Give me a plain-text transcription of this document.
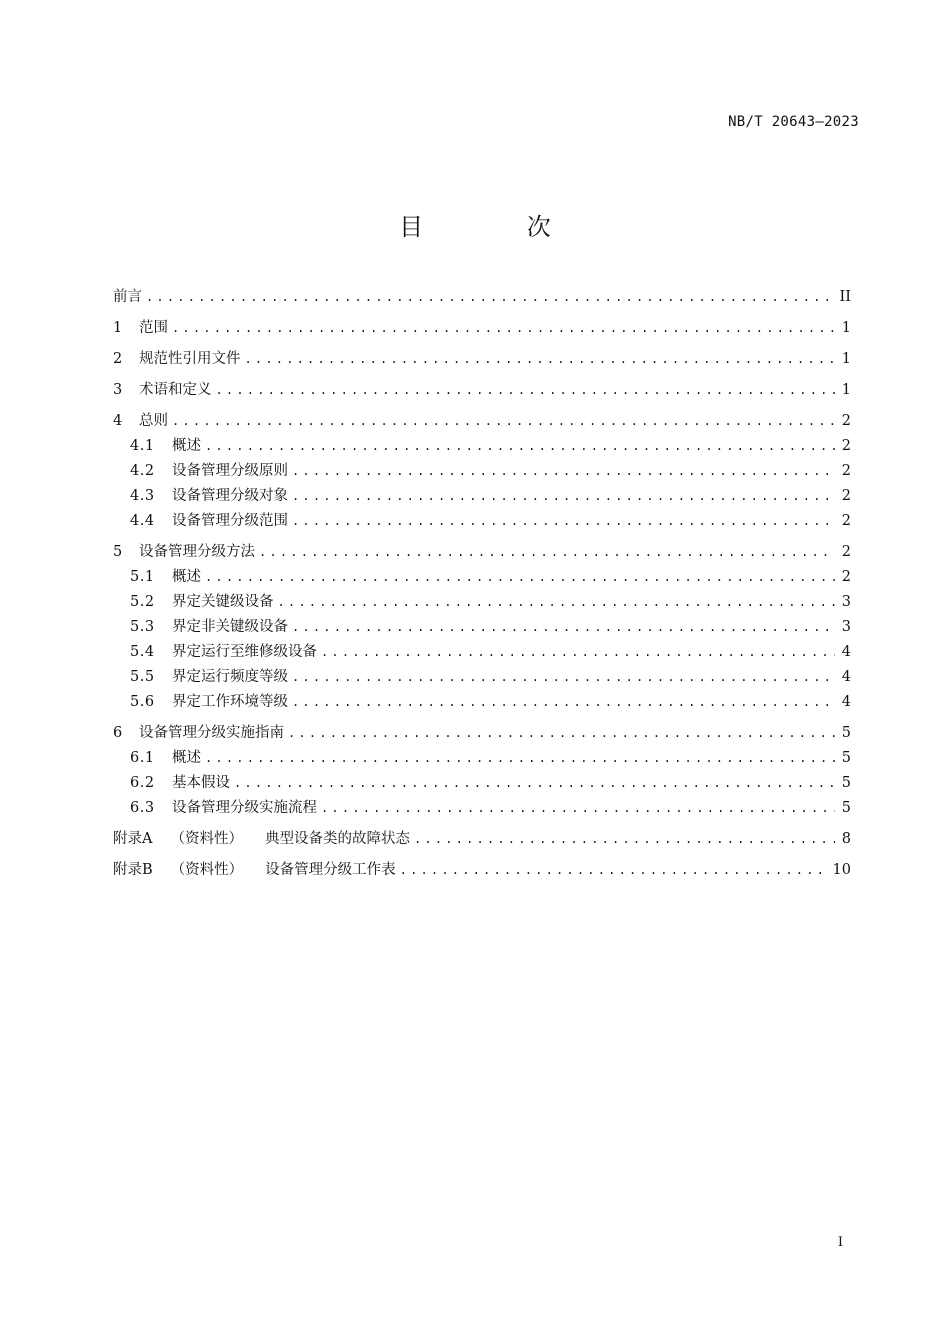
NB/T 20643—2023
目 次
前言 .....	II
1	范围 .....	1
2	规范性引用文件 .....	1
3	术语和定义 .....	1
4	总则 .....	2
4.1	概述 .....	2
4.2	设备管理分级原则 .....	2
4.3	设备管理分级对象 .....	2
4.4	设备管理分级范围 .....	2
5	设备管理分级方法 .....	2
5.1	概述 .....	2
5.2	界定关键级设备 .....	3
5.3	界定非关键级设备 .....	3
5.4	界定运行至维修级设备 .....	4
5.5	界定运行频度等级 .....	4
5.6	界定工作环境等级 .....	4
6	设备管理分级实施指南 .....	5
6.1	概述 .....	5
6.2	基本假设 .....	5
6.3	设备管理分级实施流程 .....	5
附录A （资料性） 典型设备类的故障状态 .....	8
附录B （资料性） 设备管理分级工作表 .....	10
I
